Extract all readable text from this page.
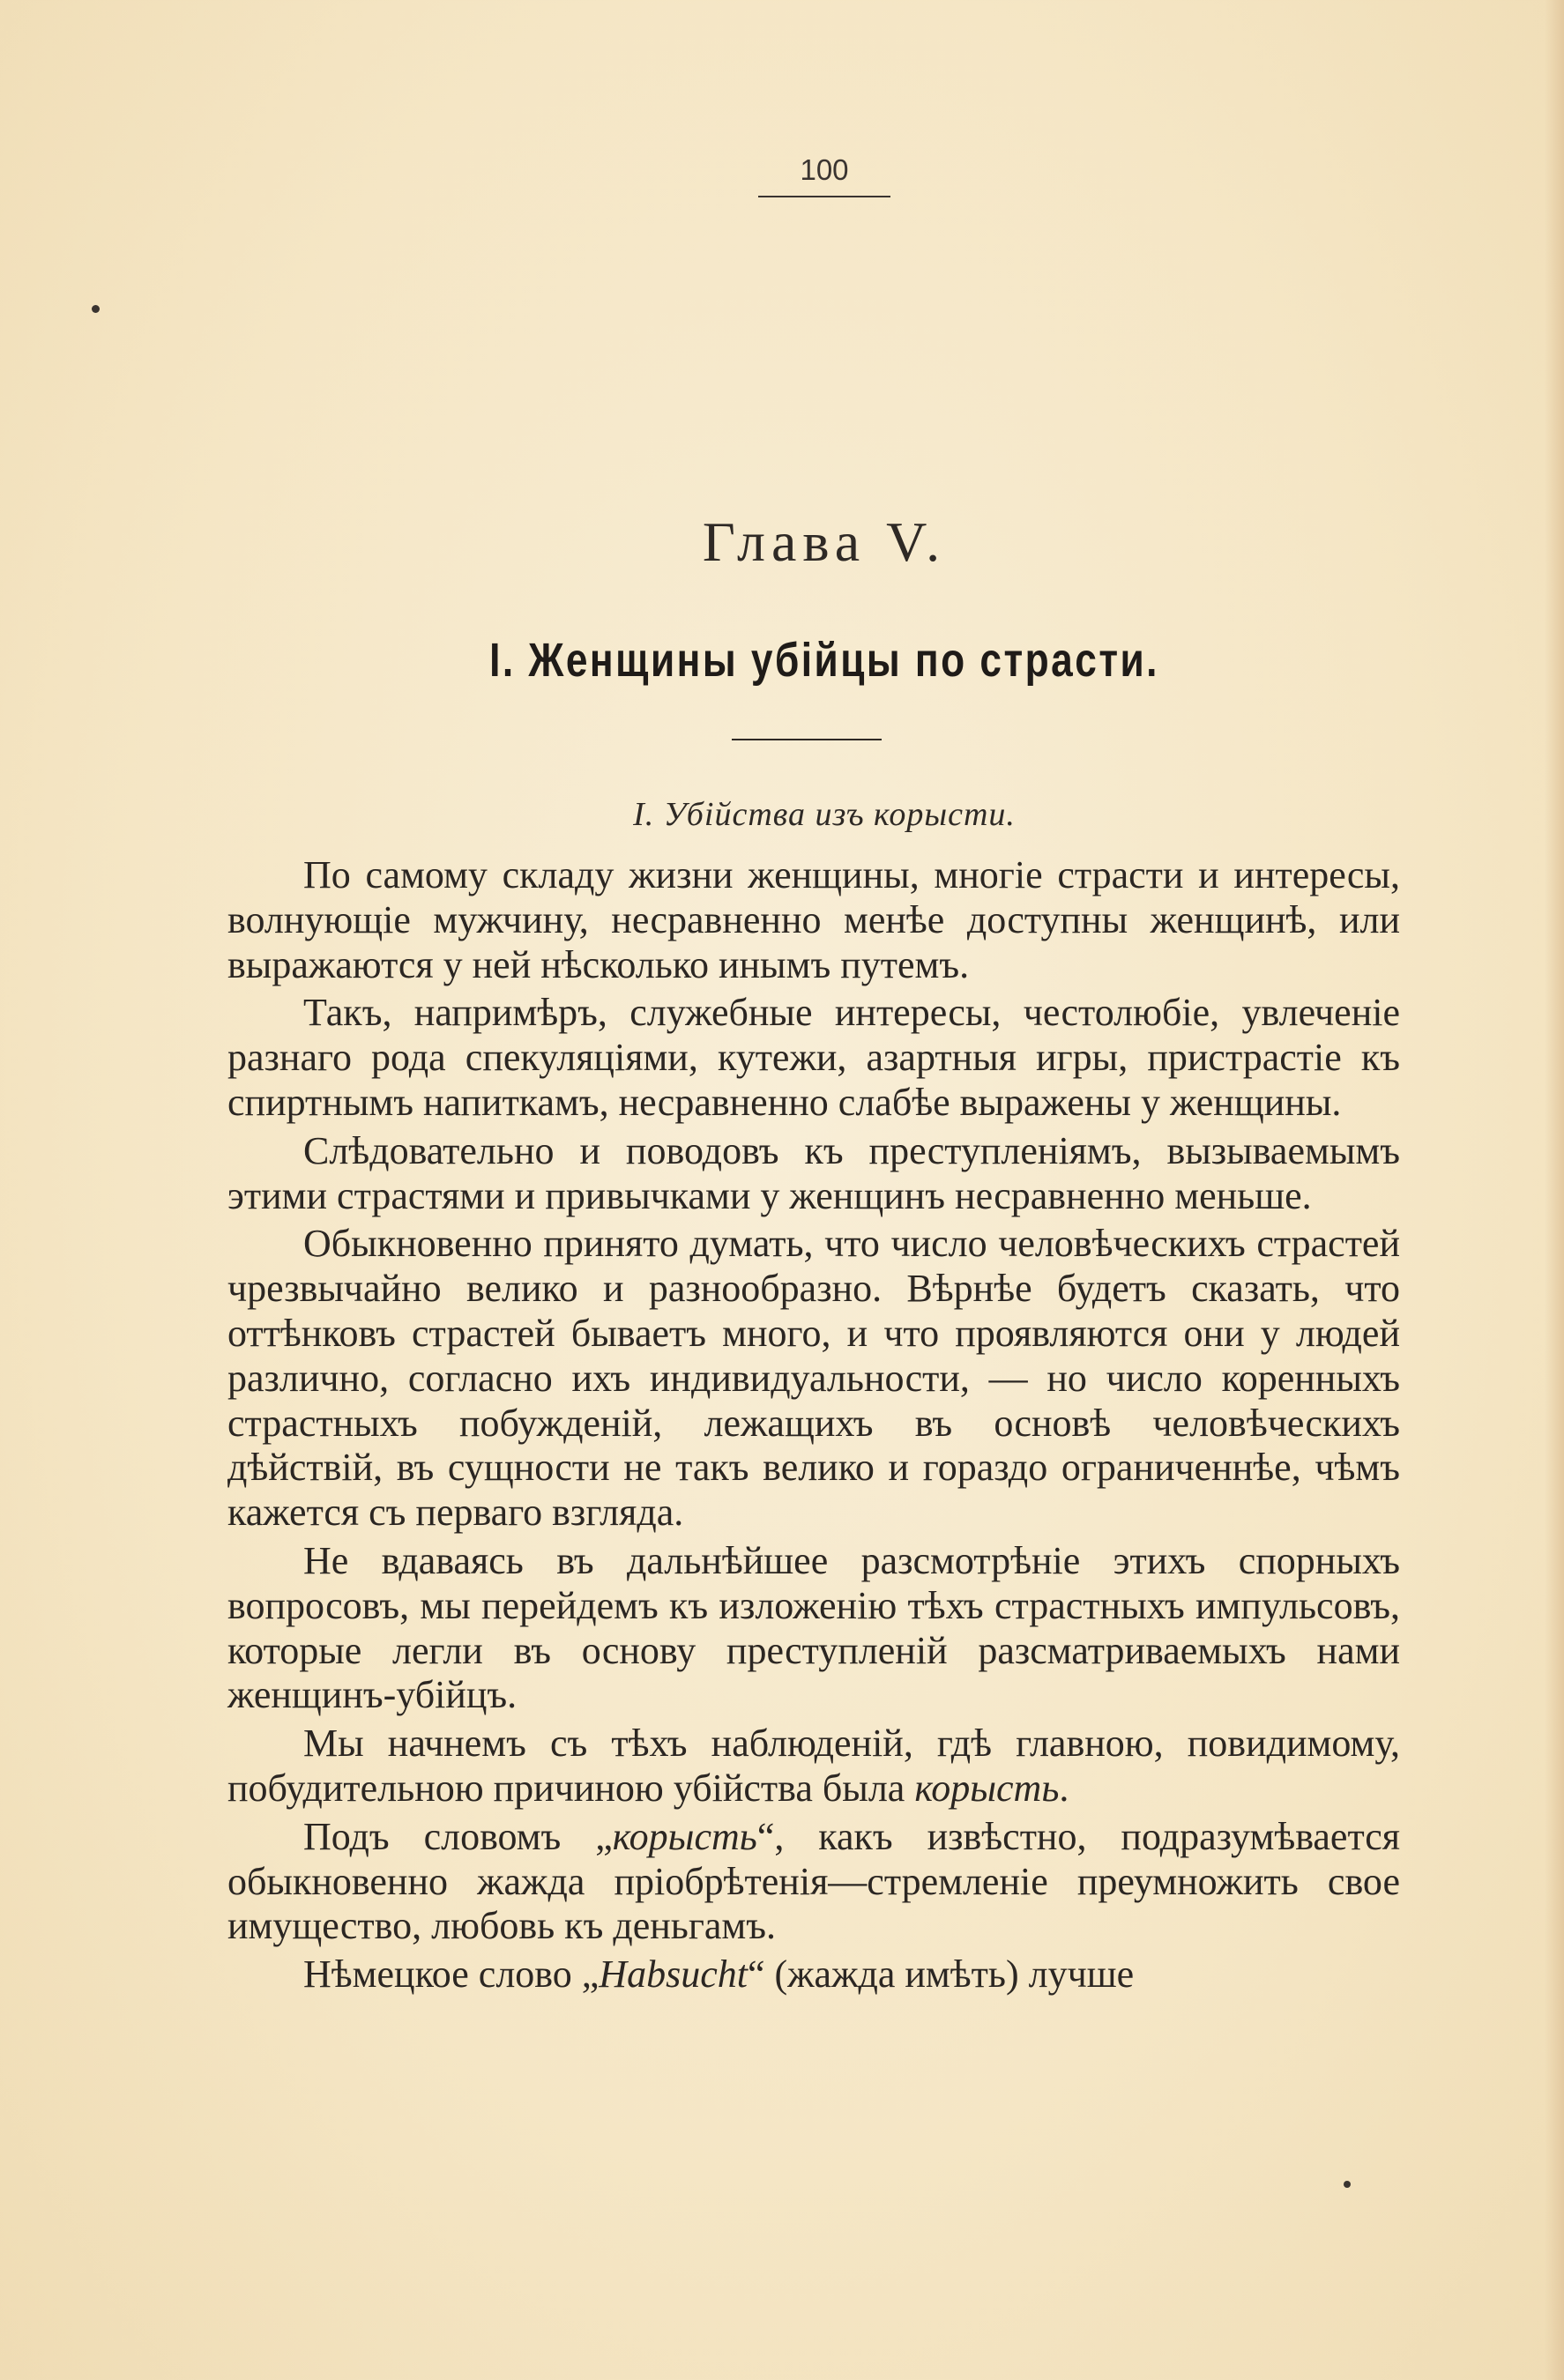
100
Глава V.
I. Женщины убiйцы по страсти.
I. Убiйства изъ корысти.

По самому складу жизни женщины, многiе страсти и интересы, волнующiе мужчину, несравненно менѣе доступны женщинѣ, или выражаются у ней нѣсколько инымъ путемъ.

Такъ, напримѣръ, служебные интересы, честолюбiе, увлеченiе разнаго рода спекуляцiями, кутежи, азартныя игры, пристрастiе къ спиртнымъ напиткамъ, несравненно слабѣе выражены у женщины.

Слѣдовательно и поводовъ къ преступленiямъ, вызываемымъ этими страстями и привычками у женщинъ несравненно меньше.

Обыкновенно принято думать, что число человѣческихъ страстей чрезвычайно велико и разнообразно. Вѣрнѣе будетъ сказать, что оттѣнковъ страстей бываетъ много, и что проявляются они у людей различно, согласно ихъ индивидуальности, — но число коренныхъ страстныхъ побужденiй, лежащихъ въ основѣ человѣческихъ дѣйствiй, въ сущности не такъ велико и гораздо ограниченнѣе, чѣмъ кажется съ перваго взгляда.

Не вдаваясь въ дальнѣйшее разсмотрѣнiе этихъ спорныхъ вопросовъ, мы перейдемъ къ изложенiю тѣхъ страстныхъ импульсовъ, которые легли въ основу преступленiй разсматриваемыхъ нами женщинъ-убiйцъ.

Мы начнемъ съ тѣхъ наблюденiй, гдѣ главною, повидимому, побудительною причиною убiйства была корысть.

Подъ словомъ „корысть“, какъ извѣстно, подразумѣвается обыкновенно жажда прiобрѣтенiя—стремленiе преумножить свое имущество, любовь къ деньгамъ.

Нѣмецкое слово „Habsucht“ (жажда имѣть) лучше
